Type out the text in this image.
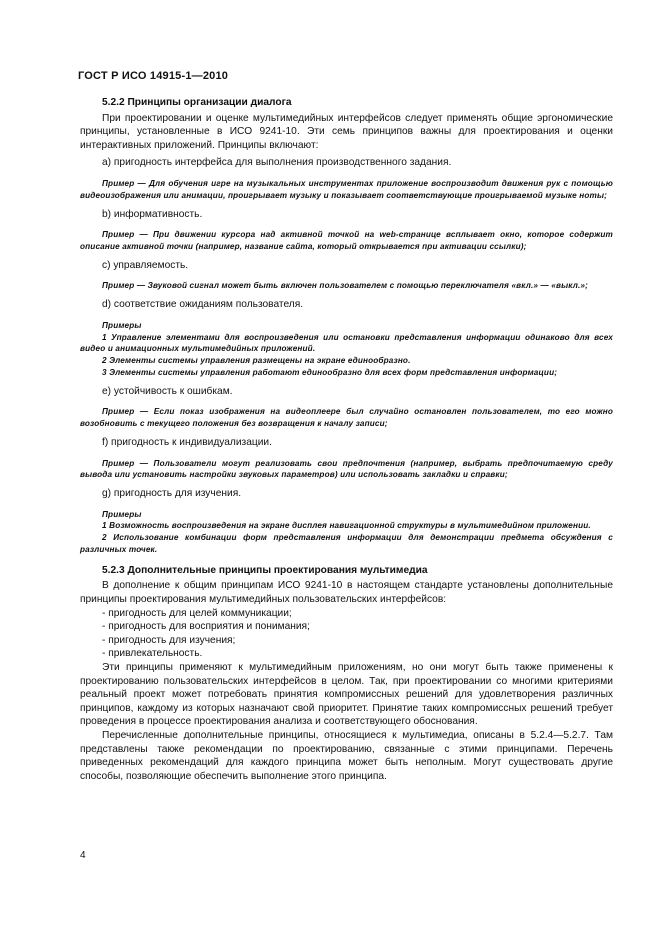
ГОСТ Р ИСО 14915-1—2010

5.2.2 Принципы организации диалога

При проектировании и оценке мультимедийных интерфейсов следует применять общие эргономические принципы, установленные в ИСО 9241-10. Эти семь принципов важны для проектирования и оценки интерактивных приложений. Принципы включают:

a) пригодность интерфейса для выполнения производственного задания.

Пример — Для обучения игре на музыкальных инструментах приложение воспроизводит движения рук с помощью видеоизображения или анимации, проигрывает музыку и показывает соответствующие проигрываемой музыке ноты;

b) информативность.

Пример — При движении курсора над активной точкой на web-странице всплывает окно, которое содержит описание активной точки (например, название сайта, который открывается при активации ссылки);

c) управляемость.

Пример — Звуковой сигнал может быть включен пользователем с помощью переключателя «вкл.» — «выкл.»;

d) соответствие ожиданиям пользователя.

Примеры

1 Управление элементами для воспроизведения или остановки представления информации одинаково для всех видео и анимационных мультимедийных приложений.

2 Элементы системы управления размещены на экране единообразно.

3 Элементы системы управления работают единообразно для всех форм представления информации;

e) устойчивость к ошибкам.

Пример — Если показ изображения на видеоплеере был случайно остановлен пользователем, то его можно возобновить с текущего положения без возвращения к началу записи;

f) пригодность к индивидуализации.

Пример — Пользователи могут реализовать свои предпочтения (например, выбрать предпочитаемую среду вывода или установить настройки звуковых параметров) или использовать закладки и справки;

g) пригодность для изучения.

Примеры

1 Возможность воспроизведения на экране дисплея навигационной структуры в мультимедийном приложении.

2 Использование комбинации форм представления информации для демонстрации предмета обсуждения с различных точек.

5.2.3 Дополнительные принципы проектирования мультимедиа

В дополнение к общим принципам ИСО 9241-10 в настоящем стандарте установлены дополнительные принципы проектирования мультимедийных пользовательских интерфейсов:

- пригодность для целей коммуникации;

- пригодность для восприятия и понимания;

- пригодность для изучения;

- привлекательность.

Эти принципы применяют к мультимедийным приложениям, но они могут быть также применены к проектированию пользовательских интерфейсов в целом. Так, при проектировании со многими критериями реальный проект может потребовать принятия компромиссных решений для удовлетворения различных принципов, каждому из которых назначают свой приоритет. Принятие таких компромиссных решений требует проведения в процессе проектирования анализа и соответствующего обоснования.

Перечисленные дополнительные принципы, относящиеся к мультимедиа, описаны в 5.2.4—5.2.7. Там представлены также рекомендации по проектированию, связанные с этими принципами. Перечень приведенных рекомендаций для каждого принципа может быть неполным. Могут существовать другие способы, позволяющие обеспечить выполнение этого принципа.

4
